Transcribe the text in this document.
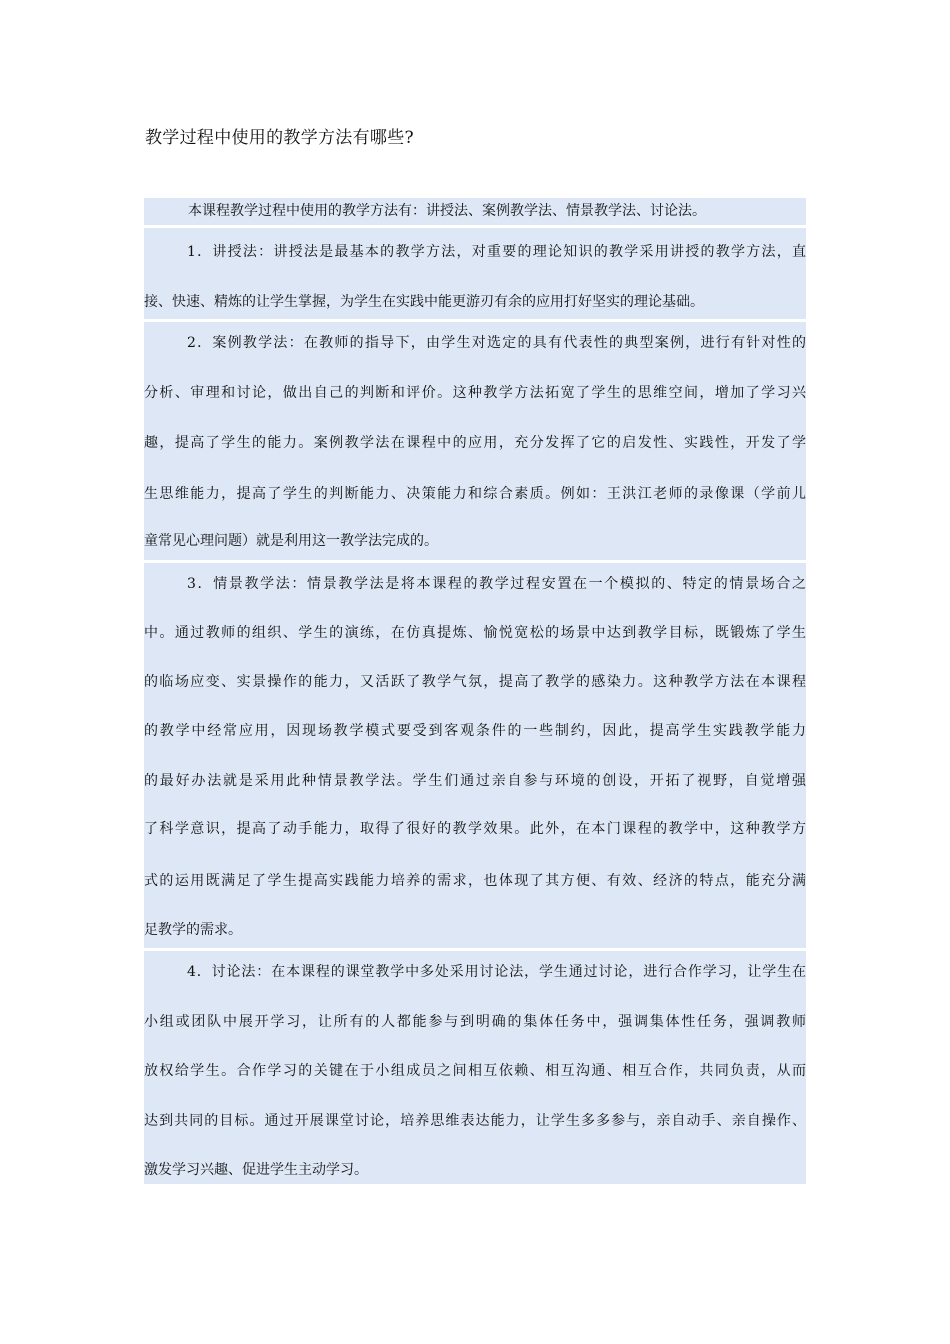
教学过程中使用的教学方法有哪些?
本课程教学过程中使用的教学方法有：讲授法、案例教学法、情景教学法、讨论法。
1．讲授法：讲授法是最基本的教学方法，对重要的理论知识的教学采用讲授的教学方法，直
接、快速、精炼的让学生掌握，为学生在实践中能更游刃有余的应用打好坚实的理论基础。
2．案例教学法：在教师的指导下，由学生对选定的具有代表性的典型案例，进行有针对性的
分析、审理和讨论，做出自己的判断和评价。这种教学方法拓宽了学生的思维空间，增加了学习兴
趣，提高了学生的能力。案例教学法在课程中的应用，充分发挥了它的启发性、实践性，开发了学
生思维能力，提高了学生的判断能力、决策能力和综合素质。例如：王洪江老师的录像课（学前儿
童常见心理问题）就是利用这一教学法完成的。
3．情景教学法：情景教学法是将本课程的教学过程安置在一个模拟的、特定的情景场合之
中。通过教师的组织、学生的演练，在仿真提炼、愉悦宽松的场景中达到教学目标，既锻炼了学生
的临场应变、实景操作的能力，又活跃了教学气氛，提高了教学的感染力。这种教学方法在本课程
的教学中经常应用，因现场教学模式要受到客观条件的一些制约，因此，提高学生实践教学能力
的最好办法就是采用此种情景教学法。学生们通过亲自参与环境的创设，开拓了视野，自觉增强
了科学意识，提高了动手能力，取得了很好的教学效果。此外，在本门课程的教学中，这种教学方
式的运用既满足了学生提高实践能力培养的需求，也体现了其方便、有效、经济的特点，能充分满
足教学的需求。
4．讨论法：在本课程的课堂教学中多处采用讨论法，学生通过讨论，进行合作学习，让学生在
小组或团队中展开学习，让所有的人都能参与到明确的集体任务中，强调集体性任务，强调教师
放权给学生。合作学习的关键在于小组成员之间相互依赖、相互沟通、相互合作，共同负责，从而
达到共同的目标。通过开展课堂讨论，培养思维表达能力，让学生多多参与，亲自动手、亲自操作、
激发学习兴趣、促进学生主动学习。
